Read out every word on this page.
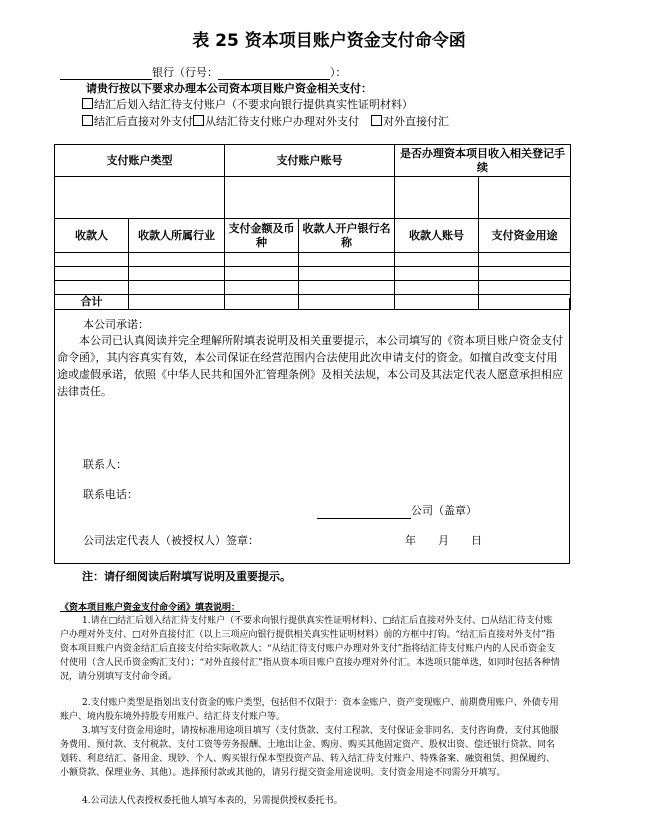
表 25 资本项目账户资金支付命令函
银行（行号：	）：
请贵行按以下要求办理本公司资本项目账户资金相关支付：
结汇后划入结汇待支付账户（不要求向银行提供真实性证明材料）
结汇后直接对外支付 从结汇待支付账户办理对外支付 对外直接付汇
支付账户类型		支付账户账号		是否办理资本项目收入相关登记手续	

收款人	收款人所属行业	支付金额及币种	收款人开户银行名称	收款人账号	支付资金用途

合计					
本公司承诺：
本公司已认真阅读并完全理解所附填表说明及相关重要提示，本公司填写的《资本项目账户资金支付命令函》，其内容真实有效，本公司保证在经营范围内合法使用此次申请支付的资金。如擅自改变支付用途或虚假承诺，依照《中华人民共和国外汇管理条例》及相关法规，本公司及其法定代表人愿意承担相应法律责任。
联系人：
联系电话：
公司（盖章）
公司法定代表人（被授权人）签章：	年　　月　　日
注：请仔细阅读后附填写说明及重要提示。
《资本项目账户资金支付命令函》填表说明：
1.请在□结汇后划入结汇待支付账户（不要求向银行提供真实性证明材料）、□结汇后直接对外支付、□从结汇待支付账户办理对外支付、□对外直接付汇（以上三项应向银行提供相关真实性证明材料）前的方框中打钩。“结汇后直接对外支付”指资本项目账户内资金结汇后直接支付给实际收款人；“从结汇待支付账户办理对外支付”指将结汇待支付账户内的人民币资金支付使用（含人民币资金购汇支付）；“对外直接付汇”指从资本项目账户直接办理对外付汇。本选项只能单选，如同时包括各种情况，请分别填写支付命令函。
2.支付账户类型是指划出支付资金的账户类型，包括但不仅限于：资本金账户、资产变现账户、前期费用账户、外债专用账户、境内股东境外持股专用账户、结汇待支付账户等。
3.填写支付资金用途时，请按标准用途项目填写（支付货款、支付工程款、支付保证金非同名、支付咨询费、支付其他服务费用、预付款、支付税款、支付工资等劳务报酬、土地出让金、购房、购买其他固定资产、股权出资、偿还银行贷款、同名划转、利息结汇、备用金、现钞、个人、购买银行保本型投资产品、转入结汇待支付账户、特殊备案、融资租赁、担保履约、小额贷款、保理业务、其他）。选择预付款或其他的，请另行提交资金用途说明。支付资金用途不同需分开填写。
4.公司法人代表授权委托他人填写本表的，另需提供授权委托书。
